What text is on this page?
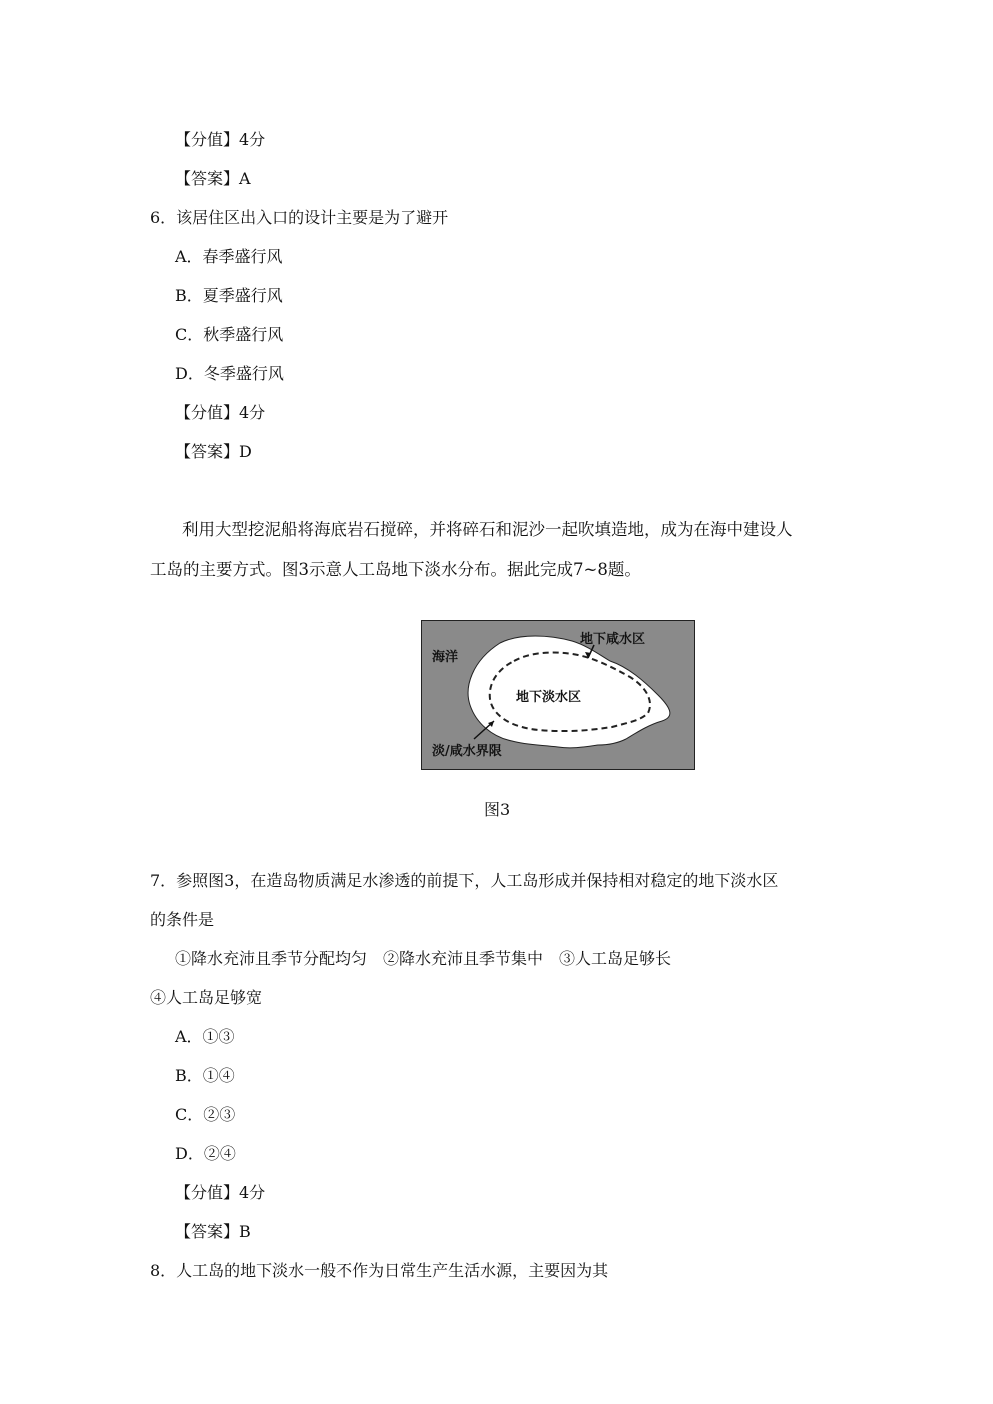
【分值】4分
【答案】A
6．该居住区出入口的设计主要是为了避开
A．春季盛行风
B．夏季盛行风
C．秋季盛行风
D．冬季盛行风
【分值】4分
【答案】D
利用大型挖泥船将海底岩石搅碎，并将碎石和泥沙一起吹填造地，成为在海中建设人
工岛的主要方式。图3示意人工岛地下淡水分布。据此完成7~8题。
海洋
地下咸水区
地下淡水区
淡/咸水界限
图3
7．参照图3，在造岛物质满足水渗透的前提下，人工岛形成并保持相对稳定的地下淡水区
的条件是
①降水充沛且季节分配均匀　②降水充沛且季节集中　③人工岛足够长
④人工岛足够宽
A．①③
B．①④
C．②③
D．②④
【分值】4分
【答案】B
8．人工岛的地下淡水一般不作为日常生产生活水源，主要因为其
